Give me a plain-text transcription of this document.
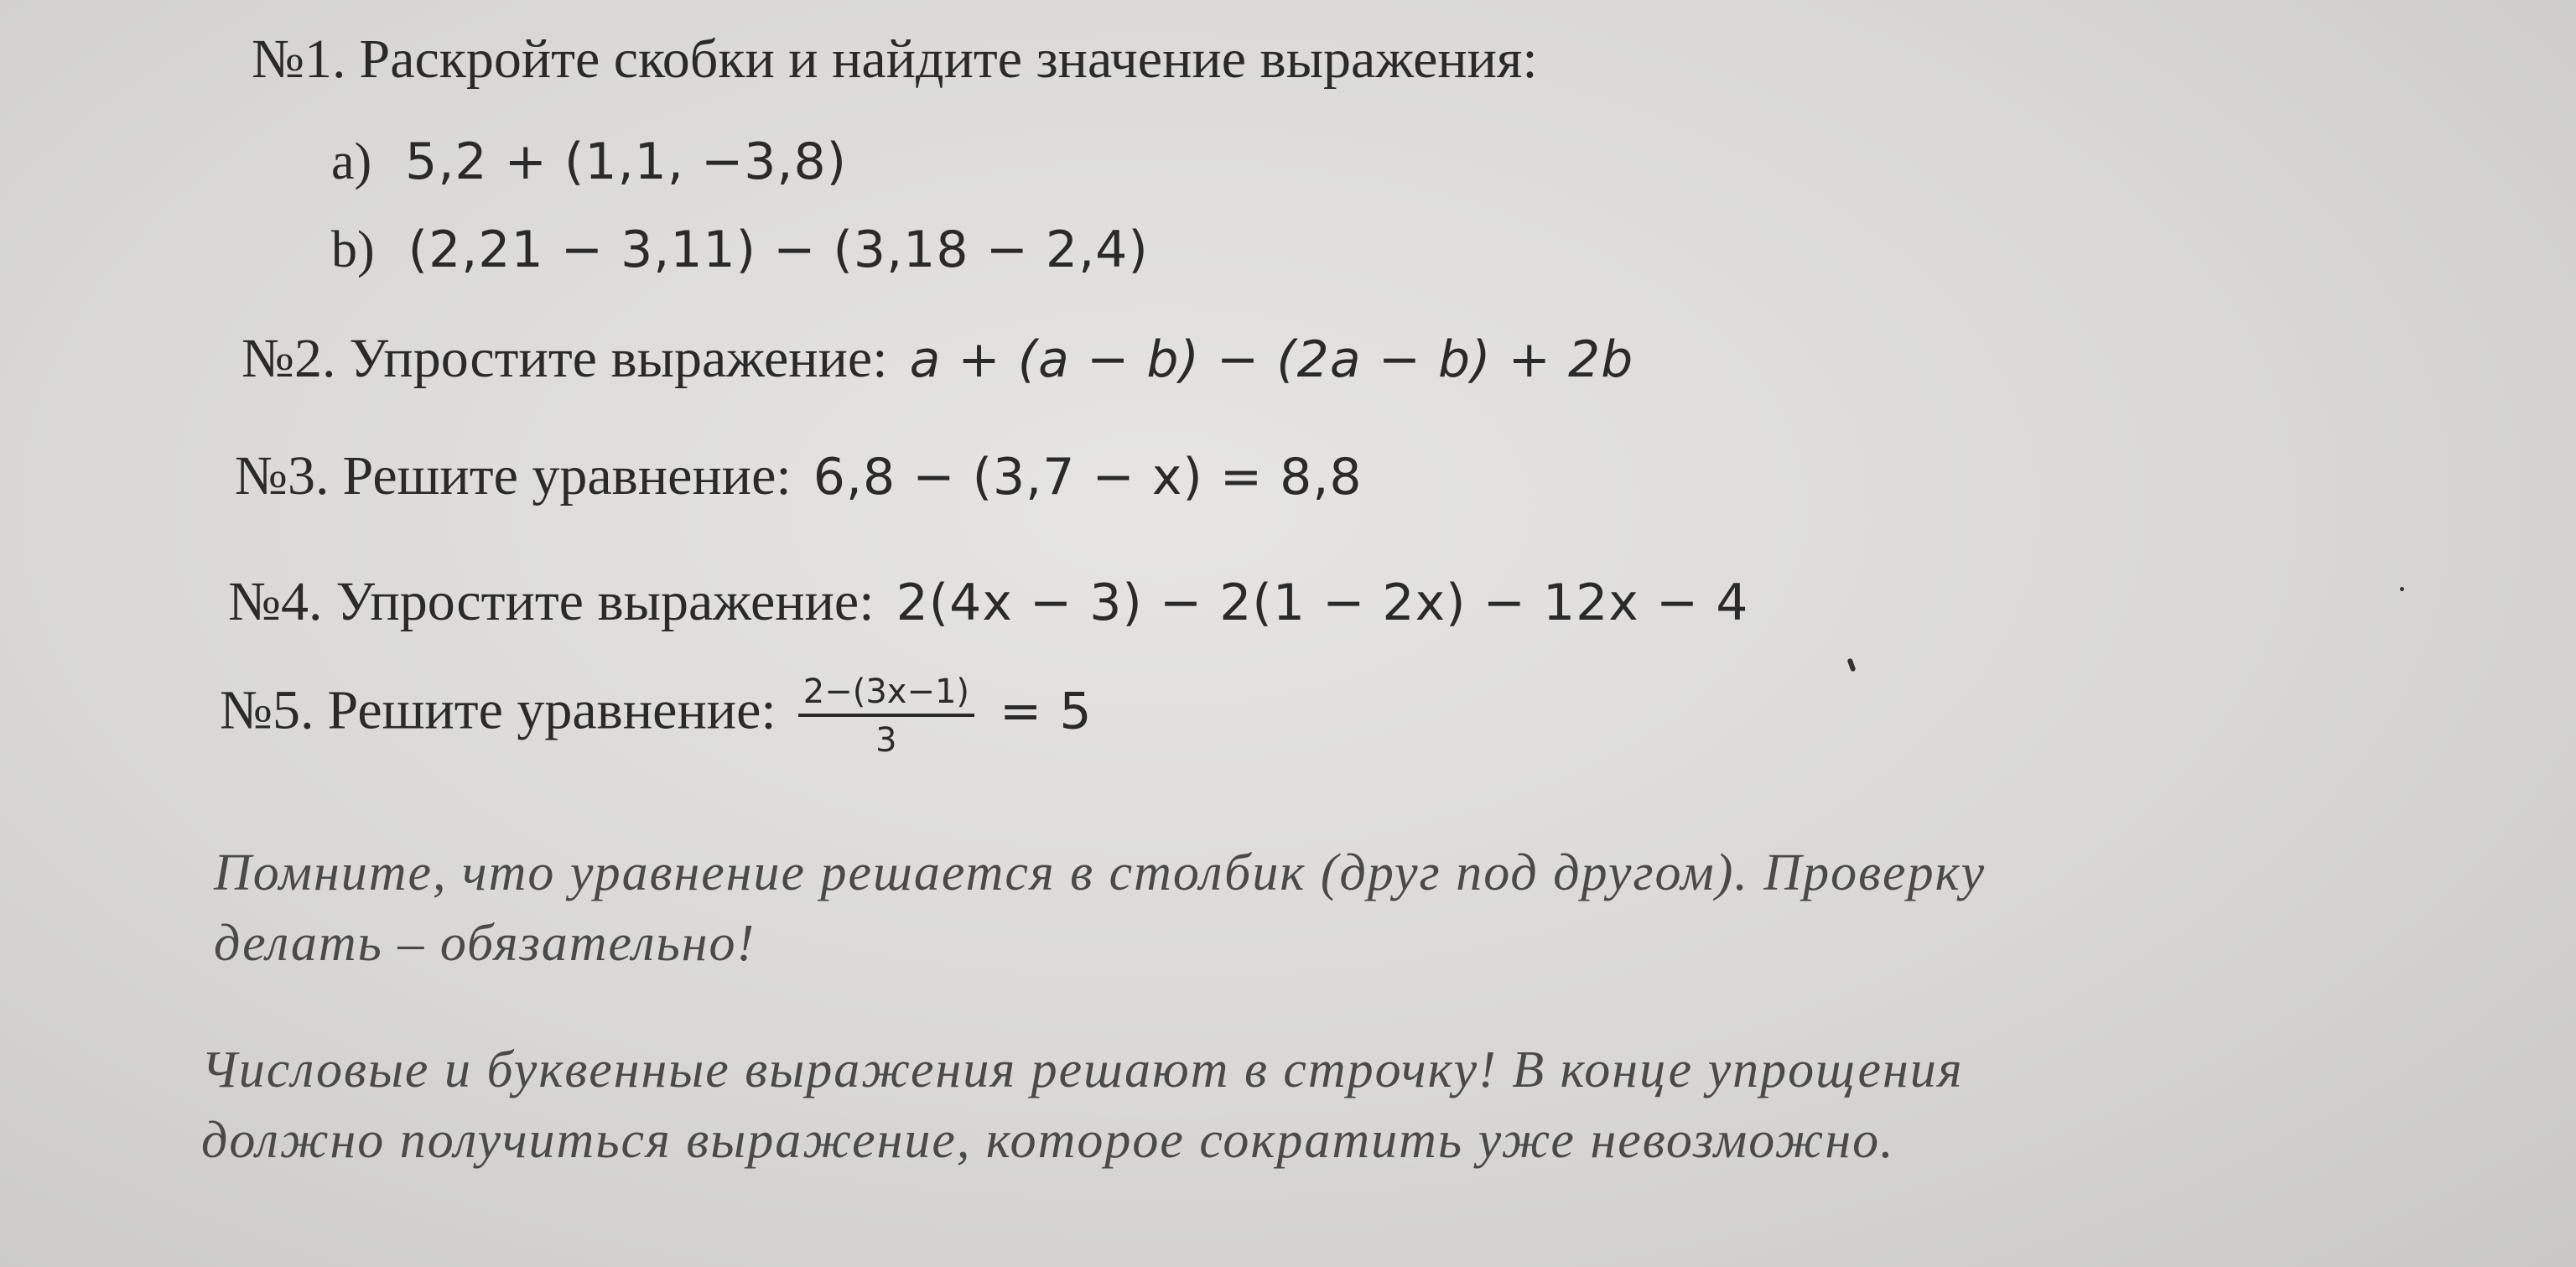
№1. Раскройте скобки и найдите значение выражения:
a) 5,2 + (1,1, −3,8)
b) (2,21 − 3,11) − (3,18 − 2,4)
№2. Упростите выражение: a + (a − b) − (2a − b) + 2b
№3. Решите уравнение: 6,8 − (3,7 − x) = 8,8
№4. Упростите выражение: 2(4x − 3) − 2(1 − 2x) − 12x − 4
№5. Решите уравнение: $\frac{2-(3x-1)}{3} = 5$
Помните, что уравнение решается в столбик (друг под другом). Проверку
делать – обязательно!
Числовые и буквенные выражения решают в строчку! В конце упрощения
должно получиться выражение, которое сократить уже невозможно.
